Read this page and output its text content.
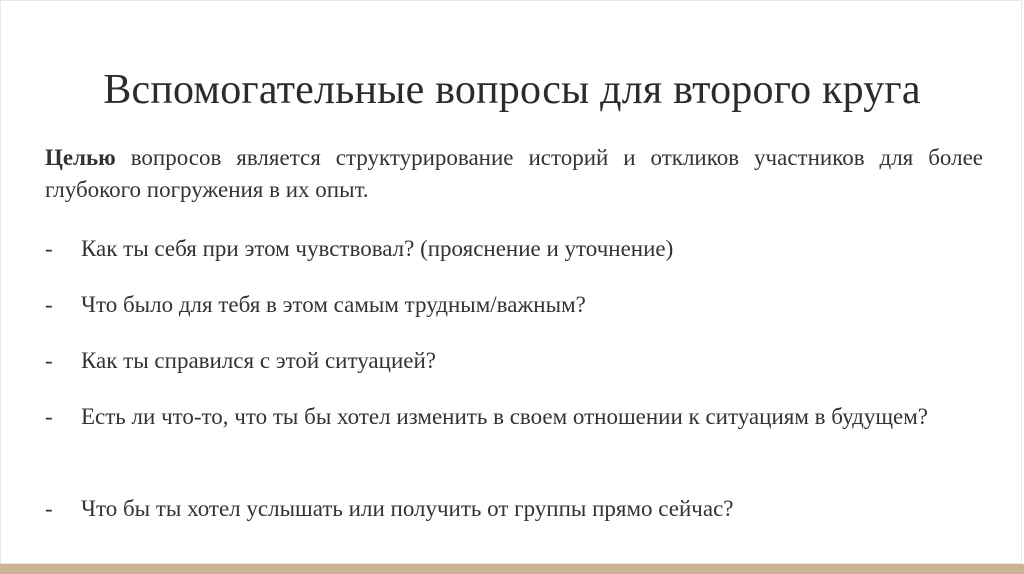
Вспомогательные вопросы для второго круга
Целью вопросов является структурирование историй и откликов участников для более глубокого погружения в их опыт.
- Как ты себя при этом чувствовал? (прояснение и уточнение)
- Что было для тебя в этом самым трудным/важным?
- Как ты справился с этой ситуацией?
- Есть ли что-то, что ты бы хотел изменить в своем отношении к ситуациям в будущем?
- Что бы ты хотел услышать или получить от группы прямо сейчас?
